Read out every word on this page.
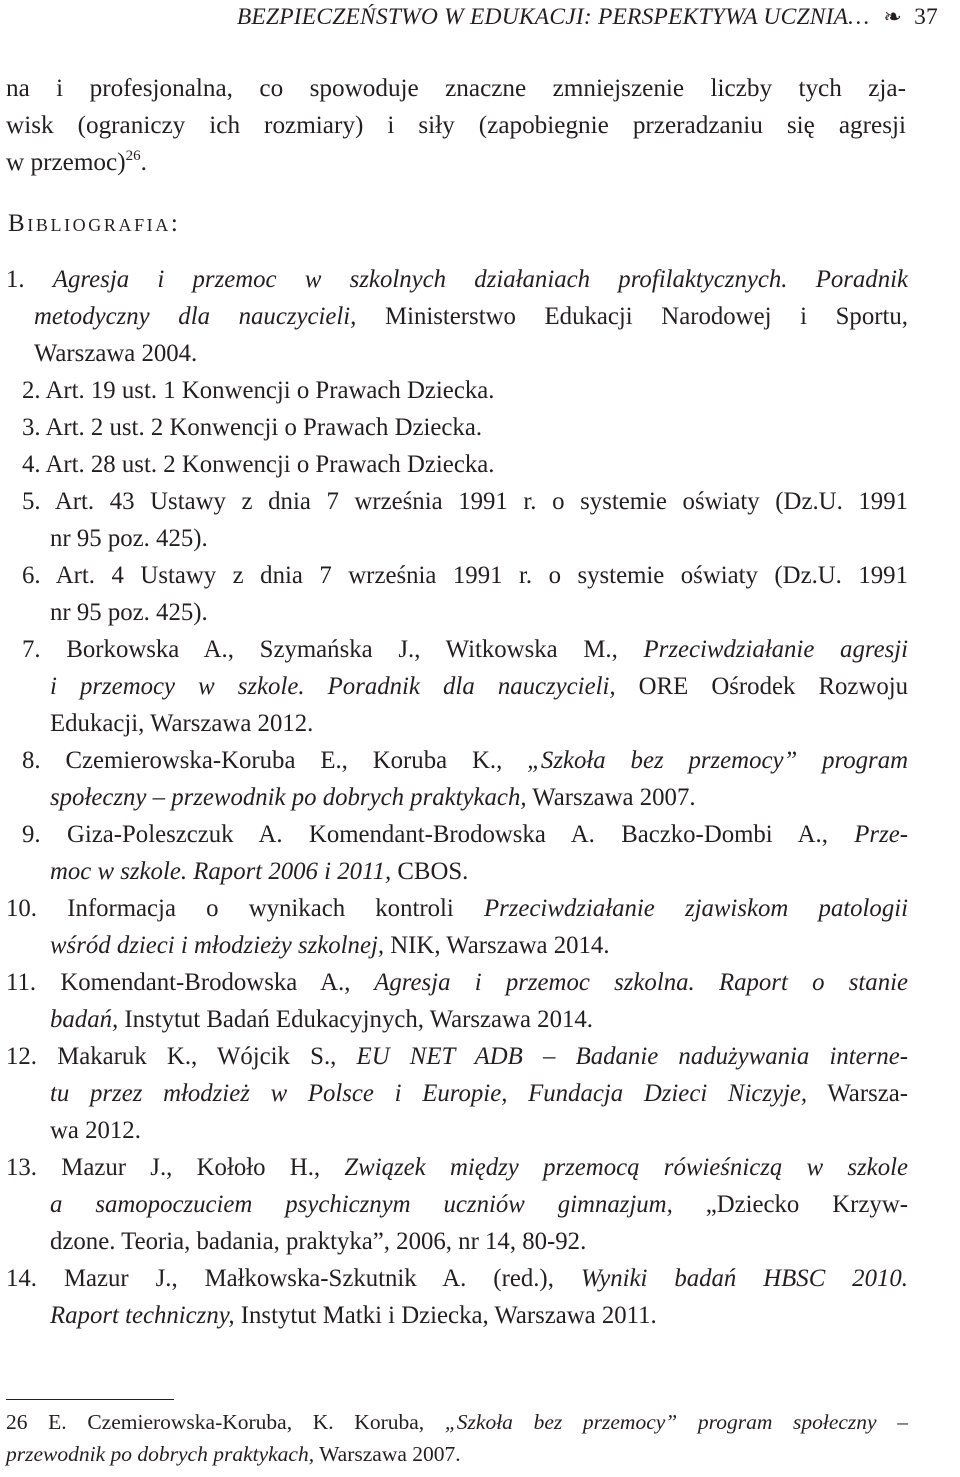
BEZPIECZEŃSTWO W EDUKACJI: PERSPEKTYWA UCZNIA… ❧ 37
na i profesjonalna, co spowoduje znaczne zmniejszenie liczby tych zja-
wisk (ograniczy ich rozmiary) i siły (zapobiegnie przeradzaniu się agresji
w przemoc)$^{26}$.
Bibliografia:
1. Agresja i przemoc w szkolnych działaniach profilaktycznych. Poradnik
metodyczny dla nauczycieli, Ministerstwo Edukacji Narodowej i Sportu,
Warszawa 2004.
2. Art. 19 ust. 1 Konwencji o Prawach Dziecka.
3. Art. 2 ust. 2 Konwencji o Prawach Dziecka.
4. Art. 28 ust. 2 Konwencji o Prawach Dziecka.
5. Art. 43 Ustawy z dnia 7 września 1991 r. o systemie oświaty (Dz.U. 1991
nr 95 poz. 425).
6. Art. 4 Ustawy z dnia 7 września 1991 r. o systemie oświaty (Dz.U. 1991
nr 95 poz. 425).
7. Borkowska A., Szymańska J., Witkowska M., Przeciwdziałanie agresji
i przemocy w szkole. Poradnik dla nauczycieli, ORE Ośrodek Rozwoju
Edukacji, Warszawa 2012.
8. Czemierowska-Koruba E., Koruba K., „Szkoła bez przemocy” program
społeczny – przewodnik po dobrych praktykach, Warszawa 2007.
9. Giza-Poleszczuk A. Komendant-Brodowska A. Baczko-Dombi A., Prze-
moc w szkole. Raport 2006 i 2011, CBOS.
10. Informacja o wynikach kontroli Przeciwdziałanie zjawiskom patologii
wśród dzieci i młodzieży szkolnej, NIK, Warszawa 2014.
11. Komendant-Brodowska A., Agresja i przemoc szkolna. Raport o stanie
badań, Instytut Badań Edukacyjnych, Warszawa 2014.
12. Makaruk K., Wójcik S., EU NET ADB – Badanie nadużywania interne-
tu przez młodzież w Polsce i Europie, Fundacja Dzieci Niczyje, Warsza-
wa 2012.
13. Mazur J., Kołoło H., Związek między przemocą rówieśniczą w szkole
a samopoczuciem psychicznym uczniów gimnazjum, „Dziecko Krzyw-
dzone. Teoria, badania, praktyka”, 2006, nr 14, 80-92.
14. Mazur J., Małkowska-Szkutnik A. (red.), Wyniki badań HBSC 2010.
Raport techniczny, Instytut Matki i Dziecka, Warszawa 2011.
26 E. Czemierowska-Koruba, K. Koruba, „Szkoła bez przemocy” program społeczny –
przewodnik po dobrych praktykach, Warszawa 2007.
